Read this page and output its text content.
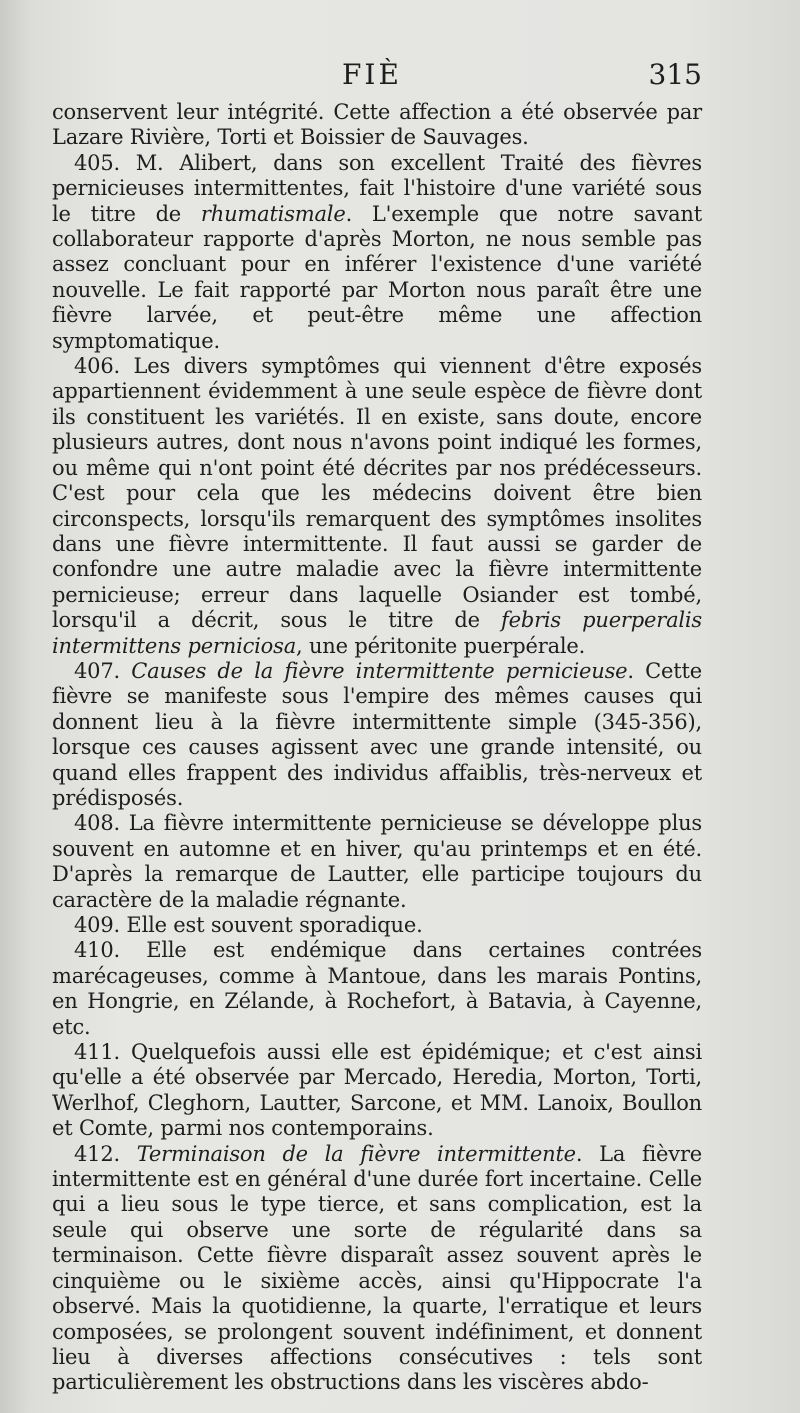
FIÈ	315

conservent leur intégrité. Cette affection a été observée par Lazare Rivière, Torti et Boissier de Sauvages.

405. M. Alibert, dans son excellent Traité des fièvres pernicieuses intermittentes, fait l'histoire d'une variété sous le titre de rhumatismale. L'exemple que notre savant collaborateur rapporte d'après Morton, ne nous semble pas assez concluant pour en inférer l'existence d'une variété nouvelle. Le fait rapporté par Morton nous paraît être une fièvre larvée, et peut-être même une affection symptomatique.

406. Les divers symptômes qui viennent d'être exposés appartiennent évidemment à une seule espèce de fièvre dont ils constituent les variétés. Il en existe, sans doute, encore plusieurs autres, dont nous n'avons point indiqué les formes, ou même qui n'ont point été décrites par nos prédécesseurs. C'est pour cela que les médecins doivent être bien circonspects, lorsqu'ils remarquent des symptômes insolites dans une fièvre intermittente. Il faut aussi se garder de confondre une autre maladie avec la fièvre intermittente pernicieuse; erreur dans laquelle Osiander est tombé, lorsqu'il a décrit, sous le titre de febris puerperalis intermittens perniciosa, une péritonite puerpérale.

407. Causes de la fièvre intermittente pernicieuse. Cette fièvre se manifeste sous l'empire des mêmes causes qui donnent lieu à la fièvre intermittente simple (345-356), lorsque ces causes agissent avec une grande intensité, ou quand elles frappent des individus affaiblis, très-nerveux et prédisposés.

408. La fièvre intermittente pernicieuse se développe plus souvent en automne et en hiver, qu'au printemps et en été. D'après la remarque de Lautter, elle participe toujours du caractère de la maladie régnante.

409. Elle est souvent sporadique.

410. Elle est endémique dans certaines contrées marécageuses, comme à Mantoue, dans les marais Pontins, en Hongrie, en Zélande, à Rochefort, à Batavia, à Cayenne, etc.

411. Quelquefois aussi elle est épidémique; et c'est ainsi qu'elle a été observée par Mercado, Heredia, Morton, Torti, Werlhof, Cleghorn, Lautter, Sarcone, et MM. Lanoix, Boullon et Comte, parmi nos contemporains.

412. Terminaison de la fièvre intermittente. La fièvre intermittente est en général d'une durée fort incertaine. Celle qui a lieu sous le type tierce, et sans complication, est la seule qui observe une sorte de régularité dans sa terminaison. Cette fièvre disparaît assez souvent après le cinquième ou le sixième accès, ainsi qu'Hippocrate l'a observé. Mais la quotidienne, la quarte, l'erratique et leurs composées, se prolongent souvent indéfiniment, et donnent lieu à diverses affections consécutives : tels sont particulièrement les obstructions dans les viscères abdo-
